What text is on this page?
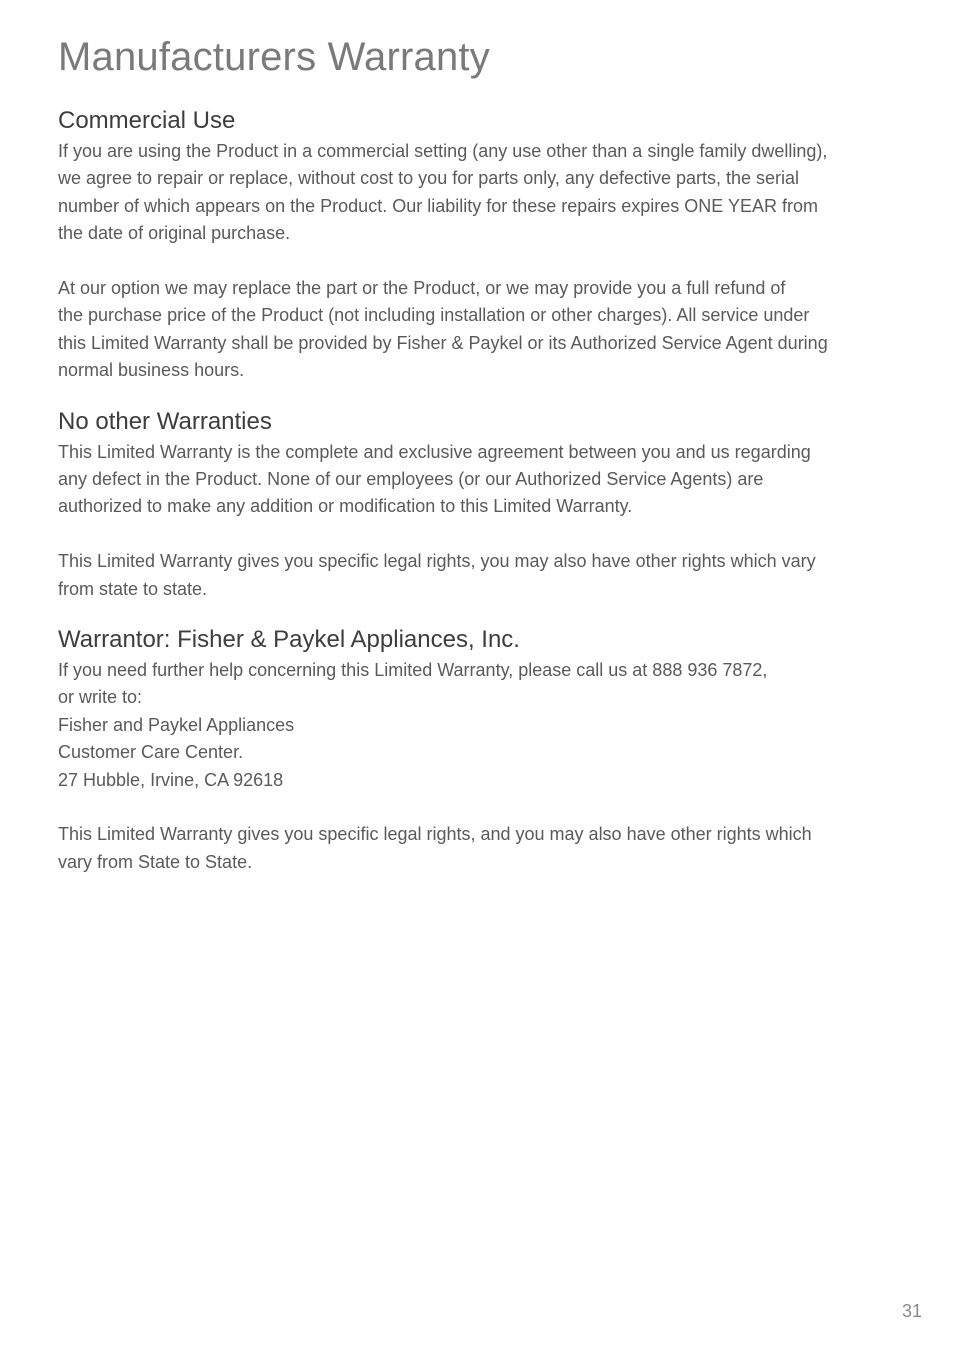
Manufacturers Warranty
Commercial Use

If you are using the Product in a commercial setting (any use other than a single family dwelling),
we agree to repair or replace, without cost to you for parts only, any defective parts, the serial
number of which appears on the Product. Our liability for these repairs expires ONE YEAR from
the date of original purchase.

At our option we may replace the part or the Product, or we may provide you a full refund of
the purchase price of the Product (not including installation or other charges). All service under
this Limited Warranty shall be provided by Fisher & Paykel or its Authorized Service Agent during
normal business hours.

No other Warranties

This Limited Warranty is the complete and exclusive agreement between you and us regarding
any defect in the Product. None of our employees (or our Authorized Service Agents) are
authorized to make any addition or modification to this Limited Warranty.

This Limited Warranty gives you specific legal rights, you may also have other rights which vary
from state to state.

Warrantor: Fisher & Paykel Appliances, Inc.

If you need further help concerning this Limited Warranty, please call us at 888 936 7872,
or write to:
Fisher and Paykel Appliances
Customer Care Center.
27 Hubble, Irvine, CA 92618

This Limited Warranty gives you specific legal rights, and you may also have other rights which
vary from State to State.

31
